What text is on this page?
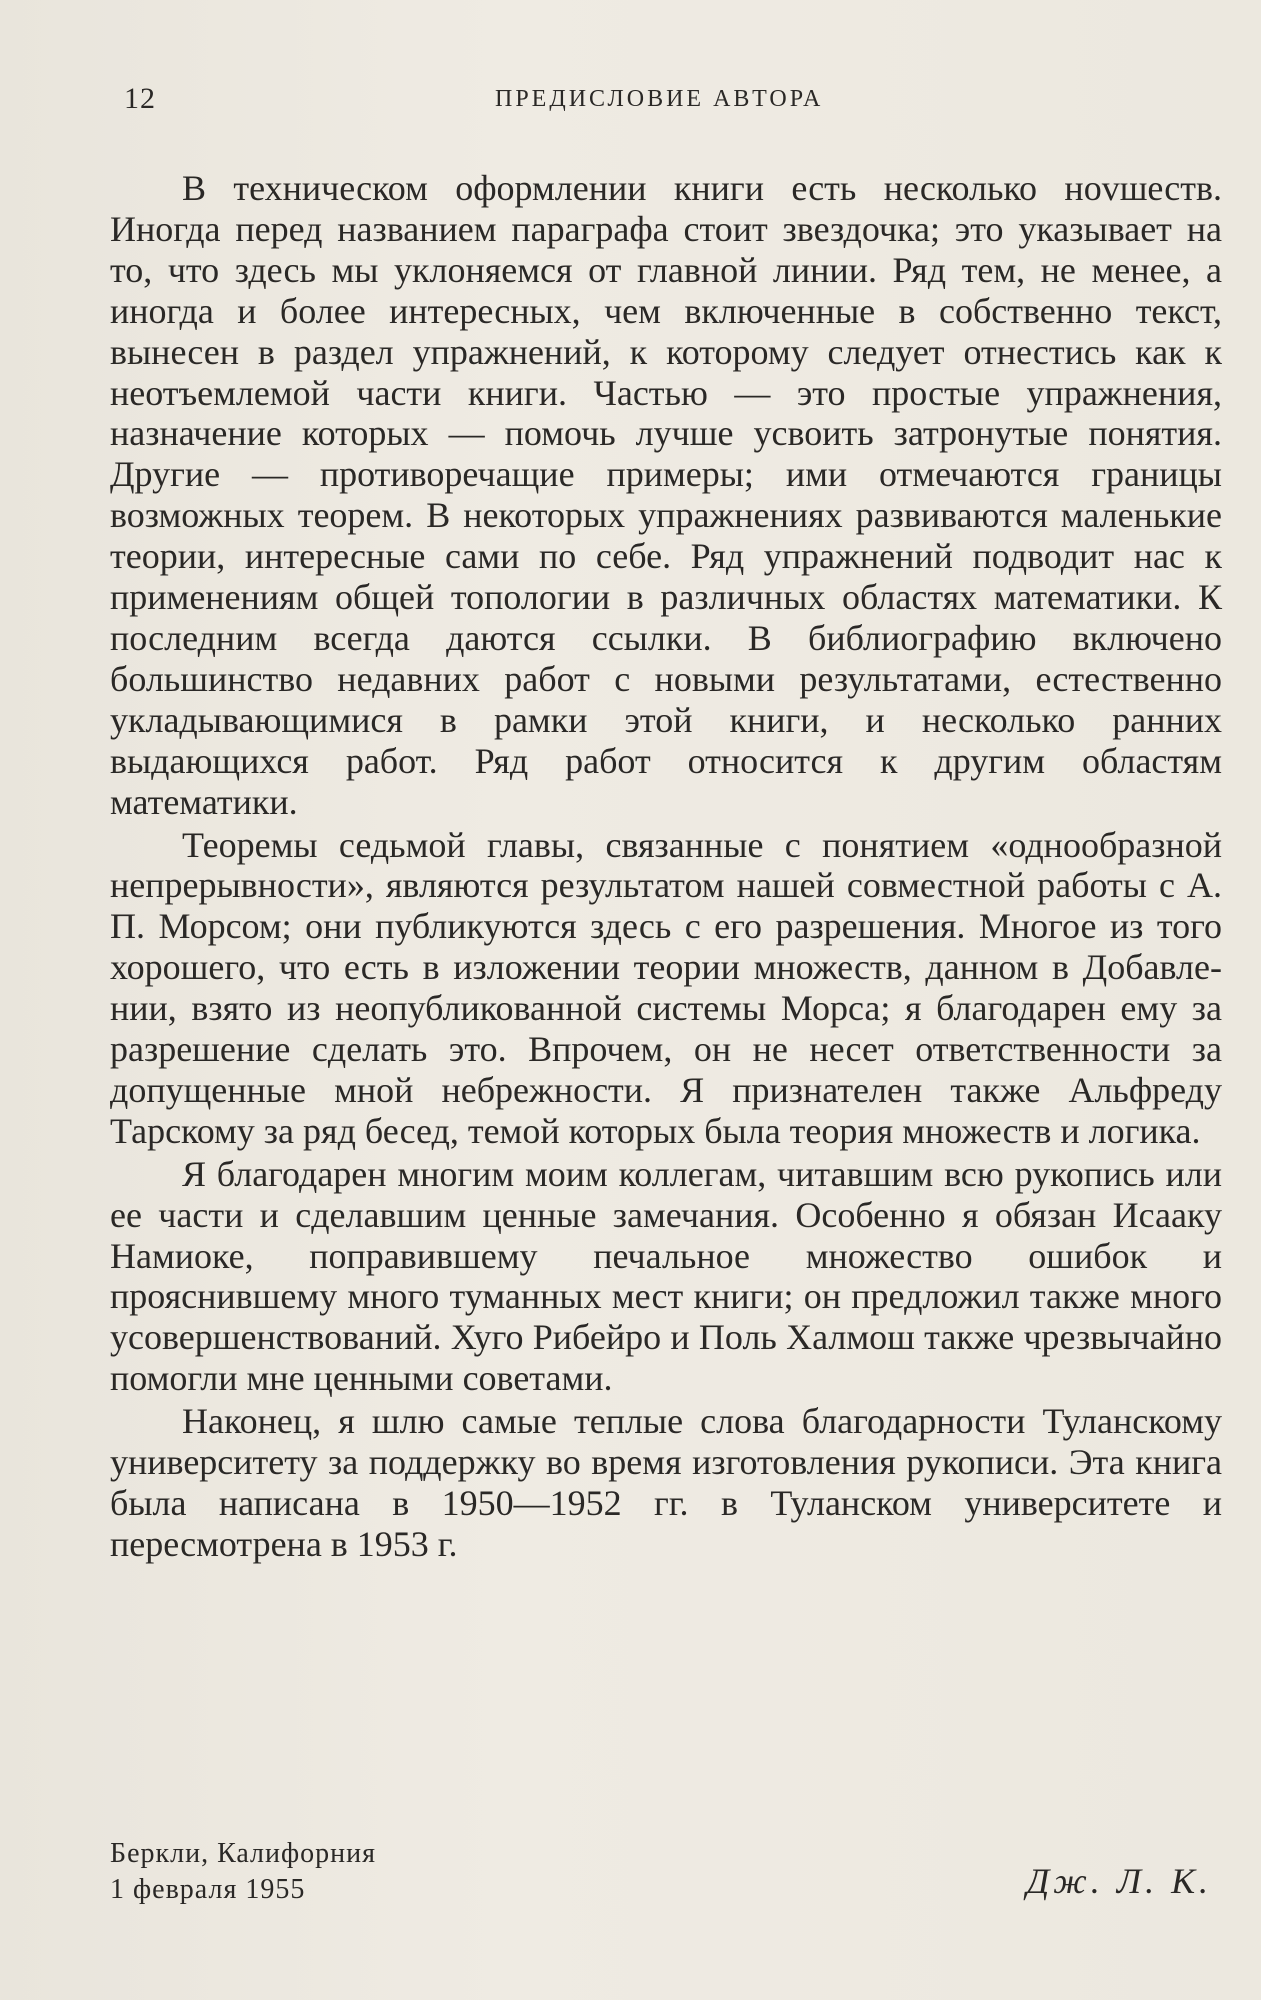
12	ПРЕДИСЛОВИЕ АВТОРА

В техническом оформлении книги есть несколько ноvшеств. Иногда перед названием параграфа стоит звездочка; это указывает на то, что здесь мы уклоняемся от главной линии. Ряд тем, не менее, а иногда и более интересных, чем включенные в собственно текст, вынесен в раздел упражнений, к которому следует отнестись как к неотъемлемой части книги. Частью — это простые упражнения, назначение которых — помочь лучше усвоить затронутые понятия. Другие — противоречащие примеры; ими отмечаются границы возможных теорем. В некоторых упражнениях развиваются маленькие теории, интересные сами по себе. Ряд упражнений подводит нас к применениям общей топологии в различных областях математики. К последним всегда даются ссылки. В библиографию включено большинство недавних работ с новыми результатами, естественно укладывающимися в рамки этой книги, и несколько ранних выдающихся работ. Ряд работ относится к другим областям математики.

Теоремы седьмой главы, связанные с понятием «однообразной непрерывности», являются результатом нашей совместной работы с А. П. Морсом; они публикуются здесь с его разрешения. Многое из того хорошего, что есть в изложении теории множеств, данном в Добавлении, взято из неопубликованной системы Морса; я благодарен ему за разрешение сделать это. Впрочем, он не несет ответственности за допущенные мной небрежности. Я признателен также Альфреду Тарскому за ряд бесед, темой которых была теория множеств и логика.

Я благодарен многим моим коллегам, читавшим всю рукопись или ее части и сделавшим ценные замечания. Особенно я обязан Исааку Намиоке, поправившему печальное множество ошибок и прояснившему много туманных мест книги; он предложил также много усовершенствований. Хуго Рибейро и Поль Халмош также чрезвычайно помогли мне ценными советами.

Наконец, я шлю самые теплые слова благодарности Туланскому университету за поддержку во время изготовления рукописи. Эта книга была написана в 1950—1952 гг. в Туланском университете и пересмотрена в 1953 г.

Беркли, Калифорния
1 февраля 1955	Дж. Л. К.
